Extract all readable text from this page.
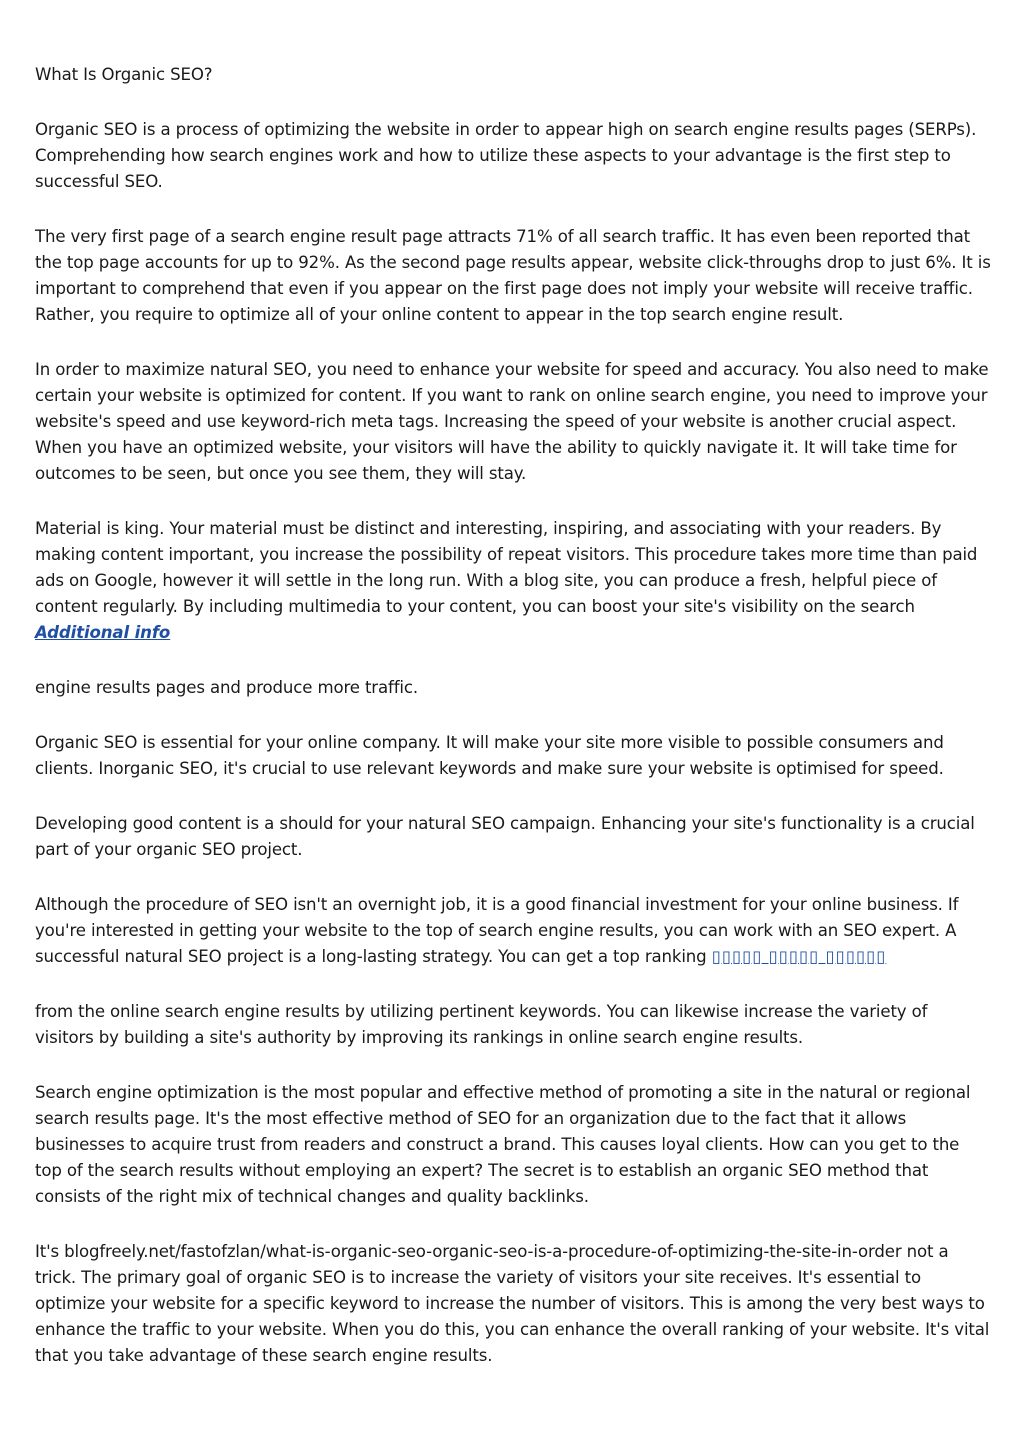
What Is Organic SEO?

Organic SEO is a process of optimizing the website in order to appear high on search engine results pages (SERPs). Comprehending how search engines work and how to utilize these aspects to your advantage is the first step to successful SEO.

The very first page of a search engine result page attracts 71% of all search traffic. It has even been reported that the top page accounts for up to 92%. As the second page results appear, website click-throughs drop to just 6%. It is important to comprehend that even if you appear on the first page does not imply your website will receive traffic. Rather, you require to optimize all of your online content to appear in the top search engine result.

In order to maximize natural SEO, you need to enhance your website for speed and accuracy. You also need to make certain your website is optimized for content. If you want to rank on online search engine, you need to improve your website's speed and use keyword-rich meta tags. Increasing the speed of your website is another crucial aspect. When you have an optimized website, your visitors will have the ability to quickly navigate it. It will take time for outcomes to be seen, but once you see them, they will stay.

Material is king. Your material must be distinct and interesting, inspiring, and associating with your readers. By making content important, you increase the possibility of repeat visitors. This procedure takes more time than paid ads on Google, however it will settle in the long run. With a blog site, you can produce a fresh, helpful piece of content regularly. By including multimedia to your content, you can boost your site's visibility on the search
Additional info

engine results pages and produce more traffic.

Organic SEO is essential for your online company. It will make your site more visible to possible consumers and clients. Inorganic SEO, it's crucial to use relevant keywords and make sure your website is optimised for speed.

Developing good content is a should for your natural SEO campaign. Enhancing your site's functionality is a crucial part of your organic SEO project.

Although the procedure of SEO isn't an overnight job, it is a good financial investment for your online business. If you're interested in getting your website to the top of search engine results, you can work with an SEO expert. A successful natural SEO project is a long-lasting strategy. You can get a top ranking ▯▯▯▯▯ ▯▯▯▯▯ ▯▯▯▯▯▯

from the online search engine results by utilizing pertinent keywords. You can likewise increase the variety of visitors by building a site's authority by improving its rankings in online search engine results.

Search engine optimization is the most popular and effective method of promoting a site in the natural or regional search results page. It's the most effective method of SEO for an organization due to the fact that it allows businesses to acquire trust from readers and construct a brand. This causes loyal clients. How can you get to the top of the search results without employing an expert? The secret is to establish an organic SEO method that consists of the right mix of technical changes and quality backlinks.

It's blogfreely.net/fastofzlan/what-is-organic-seo-organic-seo-is-a-procedure-of-optimizing-the-site-in-order not a trick. The primary goal of organic SEO is to increase the variety of visitors your site receives. It's essential to optimize your website for a specific keyword to increase the number of visitors. This is among the very best ways to enhance the traffic to your website. When you do this, you can enhance the overall ranking of your website. It's vital that you take advantage of these search engine results.
